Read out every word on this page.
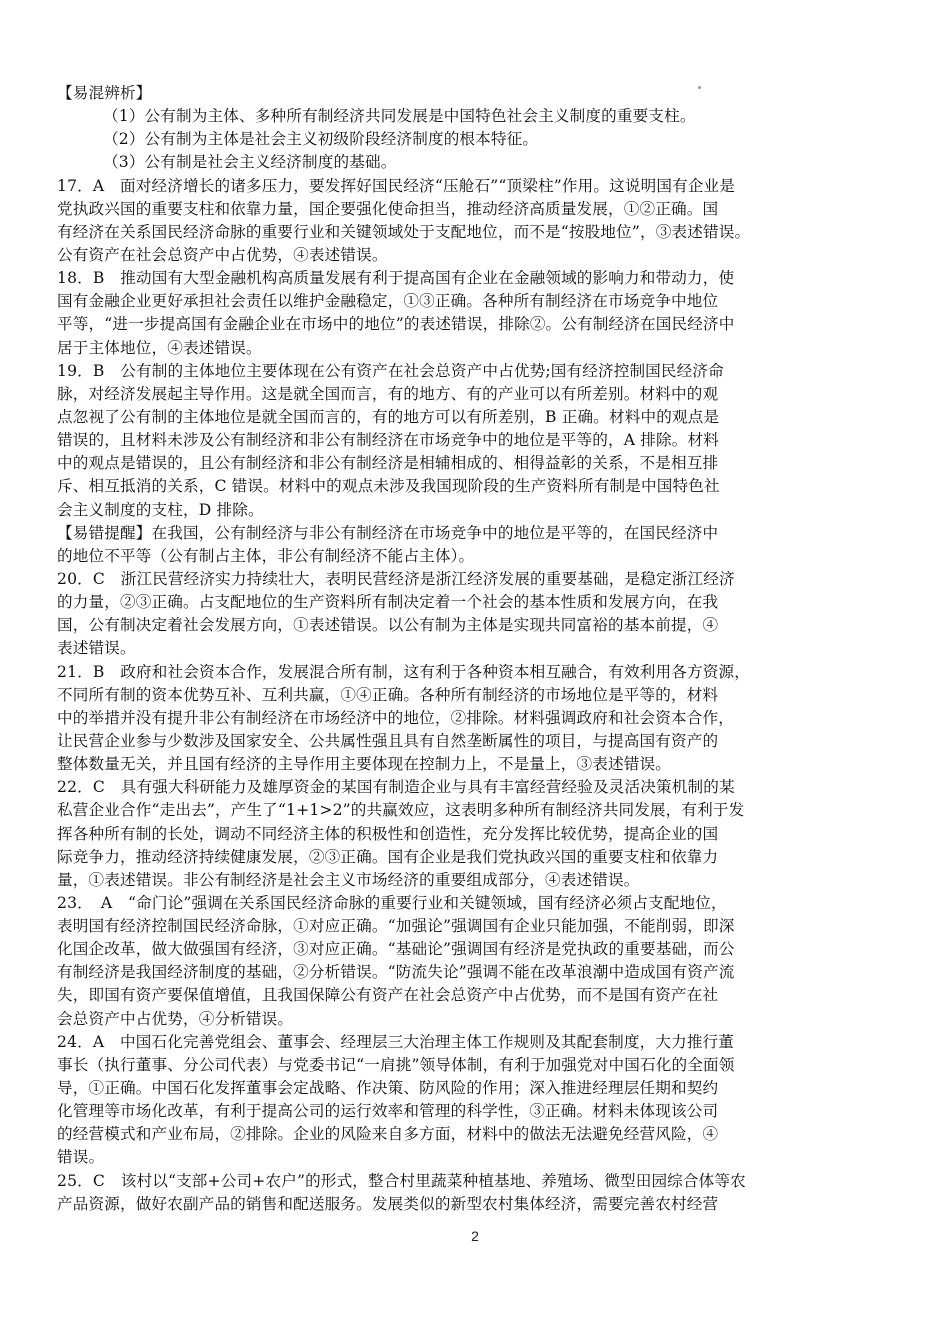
【易混辨析】
（1）公有制为主体、多种所有制经济共同发展是中国特色社会主义制度的重要支柱。
（2）公有制为主体是社会主义初级阶段经济制度的根本特征。
（3）公有制是社会主义经济制度的基础。
17．A　面对经济增长的诸多压力，要发挥好国民经济“压舱石”“顶梁柱”作用。这说明国有企业是
党执政兴国的重要支柱和依靠力量，国企要强化使命担当，推动经济高质量发展，①②正确。国
有经济在关系国民经济命脉的重要行业和关键领域处于支配地位，而不是“按股地位”，③表述错误。
公有资产在社会总资产中占优势，④表述错误。
18．B　推动国有大型金融机构高质量发展有利于提高国有企业在金融领域的影响力和带动力，使
国有金融企业更好承担社会责任以维护金融稳定，①③正确。各种所有制经济在市场竞争中地位
平等，“进一步提高国有金融企业在市场中的地位”的表述错误，排除②。公有制经济在国民经济中
居于主体地位，④表述错误。
19．B　公有制的主体地位主要体现在公有资产在社会总资产中占优势;国有经济控制国民经济命
脉，对经济发展起主导作用。这是就全国而言，有的地方、有的产业可以有所差别。材料中的观
点忽视了公有制的主体地位是就全国而言的，有的地方可以有所差别，B 正确。材料中的观点是
错误的，且材料未涉及公有制经济和非公有制经济在市场竞争中的地位是平等的，A 排除。材料
中的观点是错误的，且公有制经济和非公有制经济是相辅相成的、相得益彰的关系，不是相互排
斥、相互抵消的关系，C 错误。材料中的观点未涉及我国现阶段的生产资料所有制是中国特色社
会主义制度的支柱，D 排除。
【易错提醒】在我国，公有制经济与非公有制经济在市场竞争中的地位是平等的，在国民经济中
的地位不平等（公有制占主体，非公有制经济不能占主体）。
20．C　浙江民营经济实力持续壮大，表明民营经济是浙江经济发展的重要基础，是稳定浙江经济
的力量，②③正确。占支配地位的生产资料所有制决定着一个社会的基本性质和发展方向，在我
国，公有制决定着社会发展方向，①表述错误。以公有制为主体是实现共同富裕的基本前提，④
表述错误。
21．B　政府和社会资本合作，发展混合所有制，这有利于各种资本相互融合，有效利用各方资源，
不同所有制的资本优势互补、互利共赢，①④正确。各种所有制经济的市场地位是平等的，材料
中的举措并没有提升非公有制经济在市场经济中的地位，②排除。材料强调政府和社会资本合作，
让民营企业参与少数涉及国家安全、公共属性强且具有自然垄断属性的项目，与提高国有资产的
整体数量无关，并且国有经济的主导作用主要体现在控制力上，不是量上，③表述错误。
22．C　具有强大科研能力及雄厚资金的某国有制造企业与具有丰富经营经验及灵活决策机制的某
私营企业合作“走出去”，产生了“1+1>2”的共赢效应，这表明多种所有制经济共同发展，有利于发
挥各种所有制的长处，调动不同经济主体的积极性和创造性，充分发挥比较优势，提高企业的国
际竞争力，推动经济持续健康发展，②③正确。国有企业是我们党执政兴国的重要支柱和依靠力
量，①表述错误。非公有制经济是社会主义市场经济的重要组成部分，④表述错误。
23．　A　“命门论”强调在关系国民经济命脉的重要行业和关键领域，国有经济必须占支配地位，
表明国有经济控制国民经济命脉，①对应正确。“加强论”强调国有企业只能加强，不能削弱，即深
化国企改革，做大做强国有经济，③对应正确。“基础论”强调国有经济是党执政的重要基础，而公
有制经济是我国经济制度的基础，②分析错误。“防流失论”强调不能在改革浪潮中造成国有资产流
失，即国有资产要保值增值，且我国保障公有资产在社会总资产中占优势，而不是国有资产在社
会总资产中占优势，④分析错误。
24．A　中国石化完善党组会、董事会、经理层三大治理主体工作规则及其配套制度，大力推行董
事长（执行董事、分公司代表）与党委书记“一肩挑”领导体制，有利于加强党对中国石化的全面领
导，①正确。中国石化发挥董事会定战略、作决策、防风险的作用；深入推进经理层任期和契约
化管理等市场化改革，有利于提高公司的运行效率和管理的科学性，③正确。材料未体现该公司
的经营模式和产业布局，②排除。企业的风险来自多方面，材料中的做法无法避免经营风险，④
错误。
25．C　该村以“支部+公司+农户”的形式，整合村里蔬菜种植基地、养殖场、微型田园综合体等农
产品资源，做好农副产品的销售和配送服务。发展类似的新型农村集体经济，需要完善农村经营
2
